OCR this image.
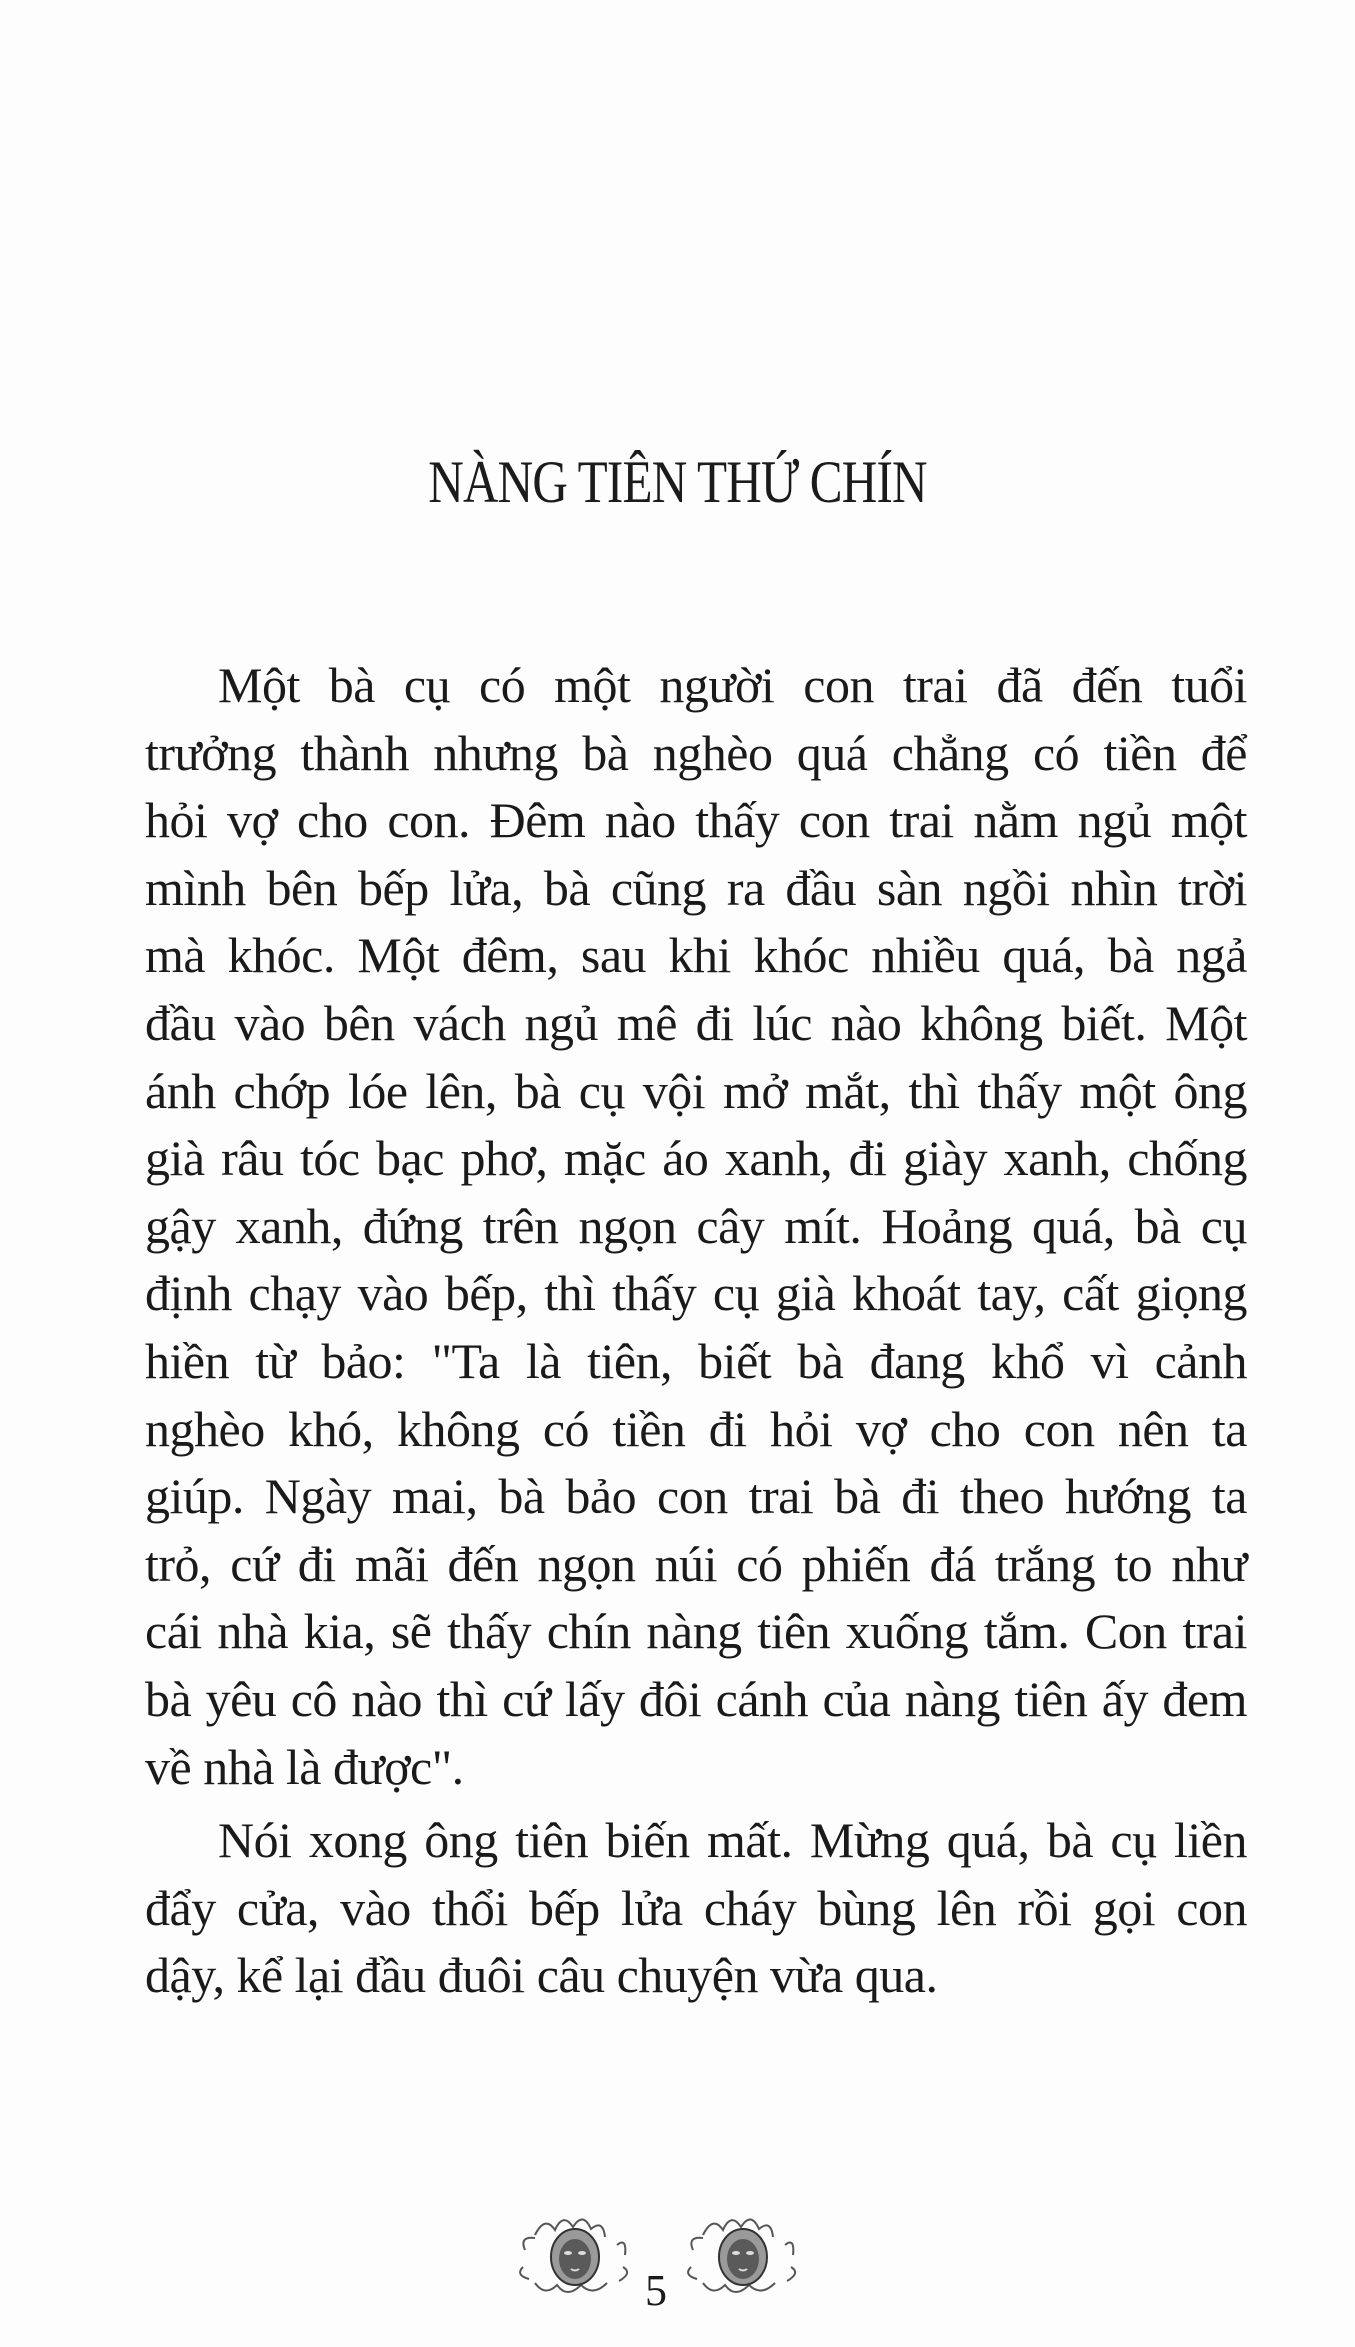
NÀNG TIÊN THỨ CHÍN
Một bà cụ có một người con trai đã đến tuổi
trưởng thành nhưng bà nghèo quá chẳng có tiền để
hỏi vợ cho con. Đêm nào thấy con trai nằm ngủ một
mình bên bếp lửa, bà cũng ra đầu sàn ngồi nhìn trời
mà khóc. Một đêm, sau khi khóc nhiều quá, bà ngả
đầu vào bên vách ngủ mê đi lúc nào không biết. Một
ánh chớp lóe lên, bà cụ vội mở mắt, thì thấy một ông
già râu tóc bạc phơ, mặc áo xanh, đi giày xanh, chống
gậy xanh, đứng trên ngọn cây mít. Hoảng quá, bà cụ
định chạy vào bếp, thì thấy cụ già khoát tay, cất giọng
hiền từ bảo: "Ta là tiên, biết bà đang khổ vì cảnh
nghèo khó, không có tiền đi hỏi vợ cho con nên ta
giúp. Ngày mai, bà bảo con trai bà đi theo hướng ta
trỏ, cứ đi mãi đến ngọn núi có phiến đá trắng to như
cái nhà kia, sẽ thấy chín nàng tiên xuống tắm. Con trai
bà yêu cô nào thì cứ lấy đôi cánh của nàng tiên ấy đem
về nhà là được".
Nói xong ông tiên biến mất. Mừng quá, bà cụ liền
đẩy cửa, vào thổi bếp lửa cháy bùng lên rồi gọi con
dậy, kể lại đầu đuôi câu chuyện vừa qua.
5
